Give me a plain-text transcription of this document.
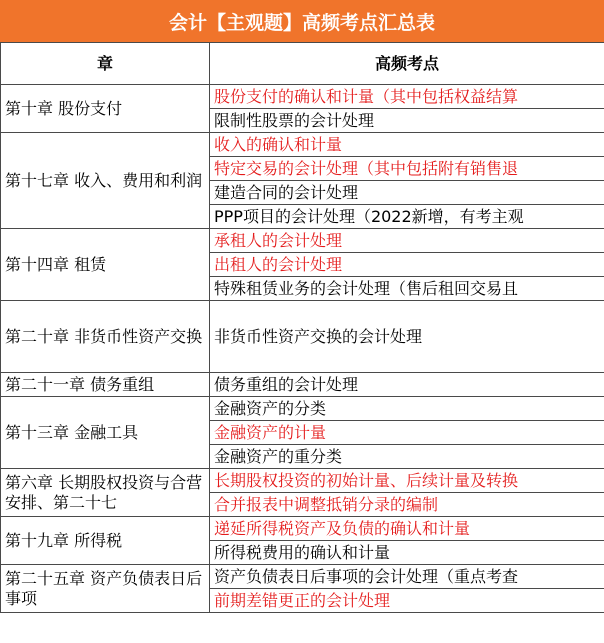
会计【主观题】高频考点汇总表
章	高频考点
第十章 股份支付	股份支付的确认和计量（其中包括权益结算
	限制性股票的会计处理
第十七章 收入、费用和利润	收入的确认和计量
	特定交易的会计处理（其中包括附有销售退
	建造合同的会计处理
	PPP项目的会计处理（2022新增，有考主观
第十四章 租赁	承租人的会计处理
	出租人的会计处理
	特殊租赁业务的会计处理（售后租回交易且
第二十章 非货币性资产交换	非货币性资产交换的会计处理
第二十一章 债务重组	债务重组的会计处理
第十三章 金融工具	金融资产的分类
	金融资产的计量
	金融资产的重分类
第六章 长期股权投资与合营安排、第二十七	长期股权投资的初始计量、后续计量及转换
	合并报表中调整抵销分录的编制
第十九章 所得税	递延所得税资产及负债的确认和计量
	所得税费用的确认和计量
第二十五章 资产负债表日后事项	资产负债表日后事项的会计处理（重点考查
	前期差错更正的会计处理
